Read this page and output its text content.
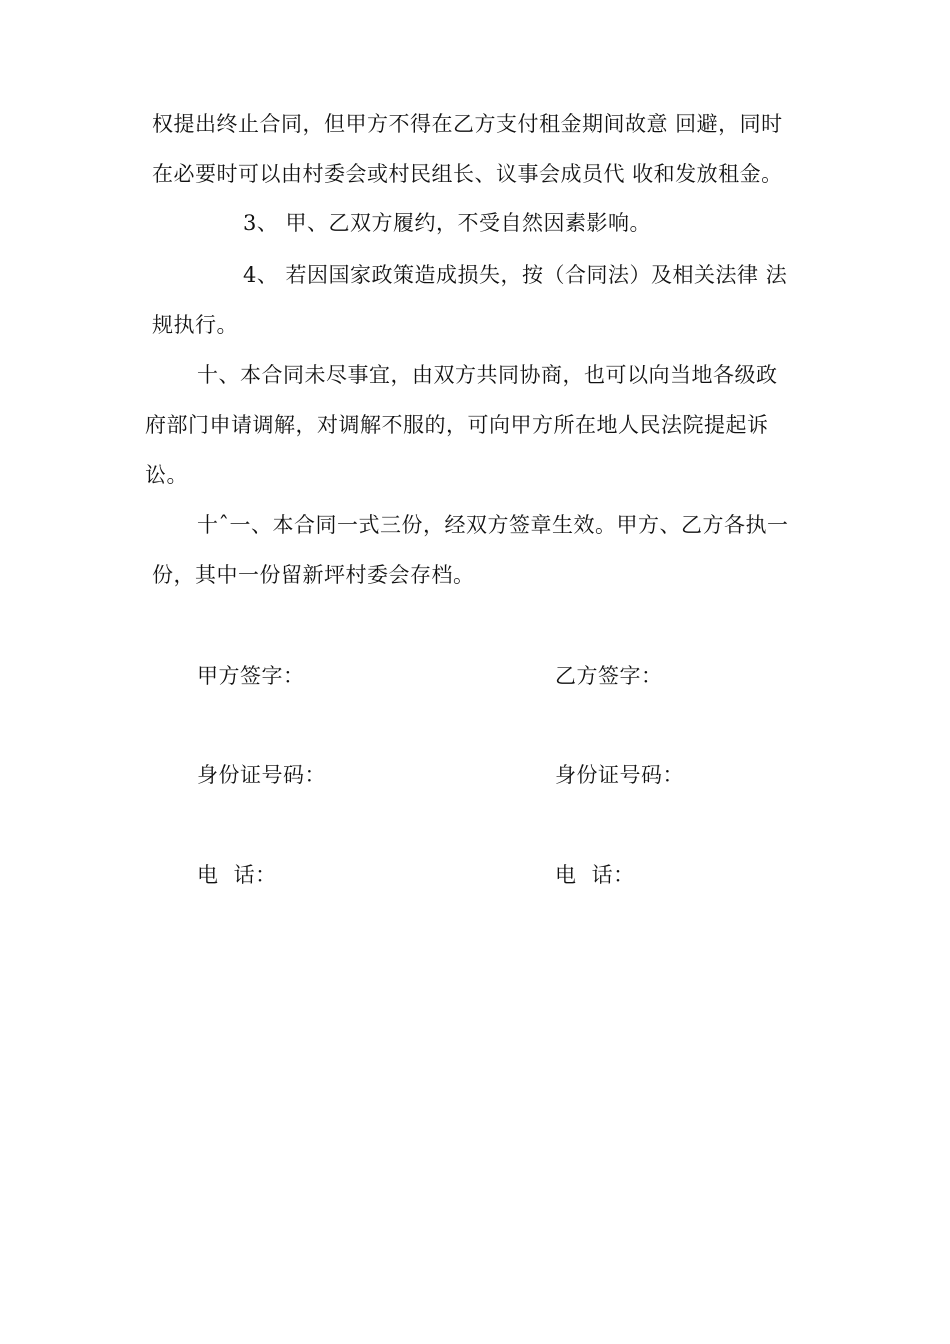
权提出终止合同，但甲方不得在乙方支付租金期间故意 回避，同时
在必要时可以由村委会或村民组长、议事会成员代 收和发放租金。
3、 甲、乙双方履约，不受自然因素影响。
4、 若因国家政策造成损失，按（合同法）及相关法律 法
规执行。
十、本合同未尽事宜，由双方共同协商，也可以向当地各级政
府部门申请调解，对调解不服的，可向甲方所在地人民法院提起诉
讼。
十ˆ一、本合同一式三份，经双方签章生效。甲方、乙方各执一
份，其中一份留新坪村委会存档。
甲方签字：	乙方签字：
身份证号码：	身份证号码：
电 话：	电 话：
